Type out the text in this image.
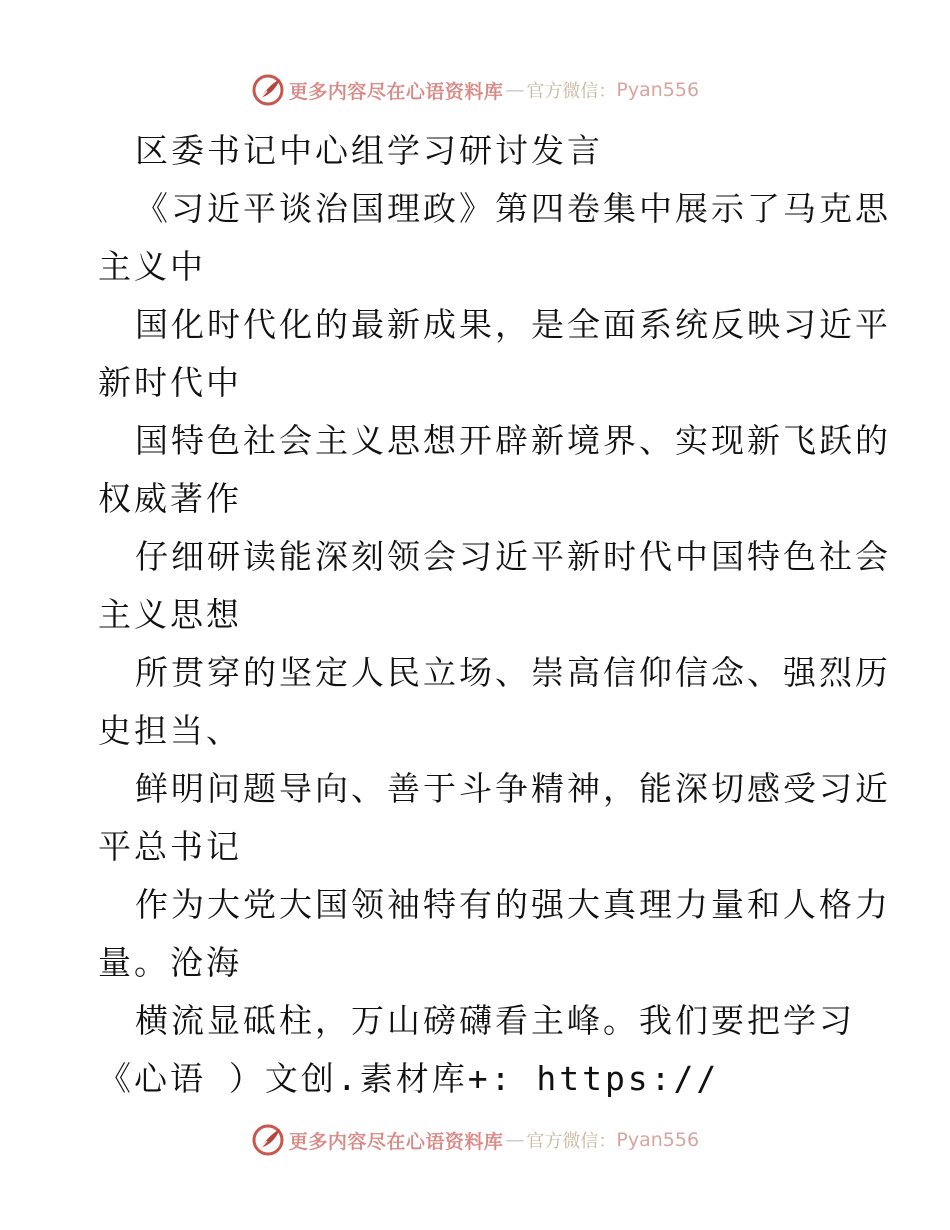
更多内容尽在心语资料库 — 官方微信： Pyan556
区委书记中心组学习研讨发言
《习近平谈治国理政》第四卷集中展示了马克思
主义中
国化时代化的最新成果，是全面系统反映习近平
新时代中
国特色社会主义思想开辟新境界、实现新飞跃的
权威著作
仔细研读能深刻领会习近平新时代中国特色社会
主义思想
所贯穿的坚定人民立场、崇高信仰信念、强烈历
史担当、
鲜明问题导向、善于斗争精神，能深切感受习近
平总书记
作为大党大国领袖特有的强大真理力量和人格力
量。沧海
横流显砥柱，万山磅礴看主峰。我们要把学习
《心语 ）文创.素材库+: https://
更多内容尽在心语资料库 — 官方微信： Pyan556
